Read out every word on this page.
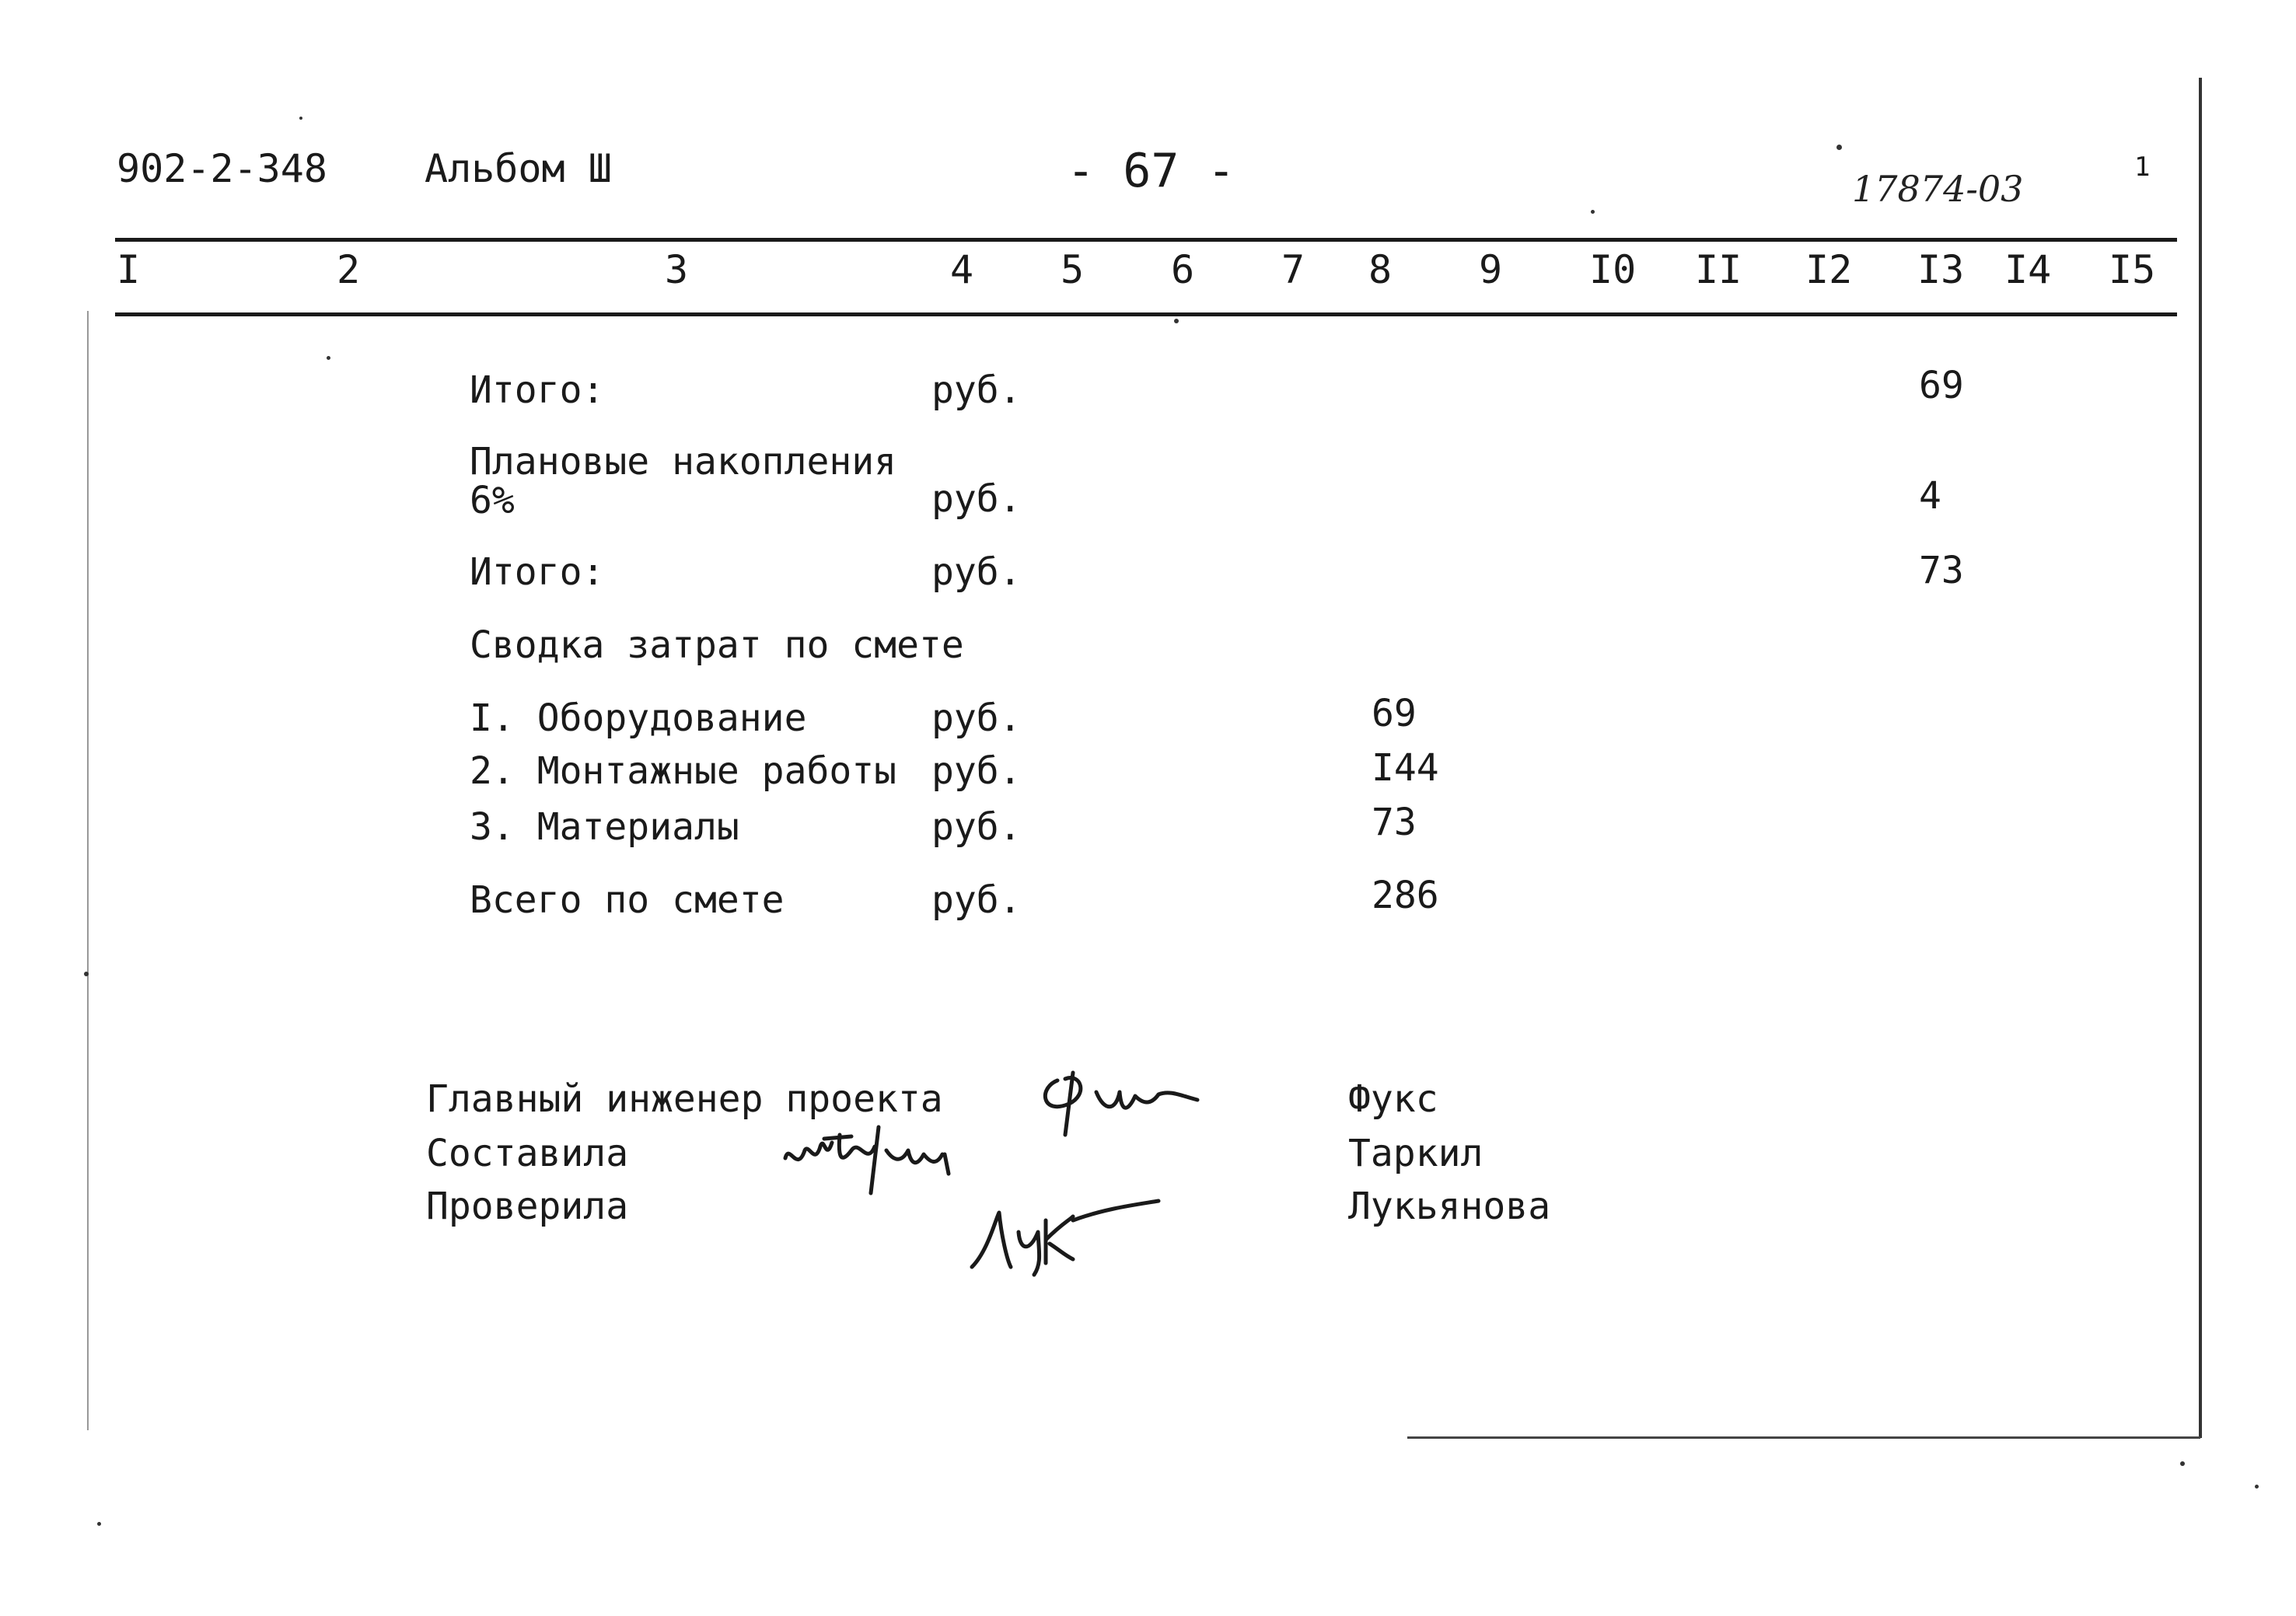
902-2-348	Альбом Ш	- 67 -	17874-03
1
I	2	3	4 5 6 7 8 9 I0 II I2 I3 I4 I5
Итого:	руб.	69
Плановые накопления
6%	руб.	4
Итого:	руб.	73
Сводка затрат по смете
I. Оборудование	руб.	69
2. Монтажные работы руб.	I44
3. Материалы	руб.	73
Всего по смете	руб.	286
Главный инженер проекта	Фукс
Составила	Таркил
Проверила	Лукьянова
